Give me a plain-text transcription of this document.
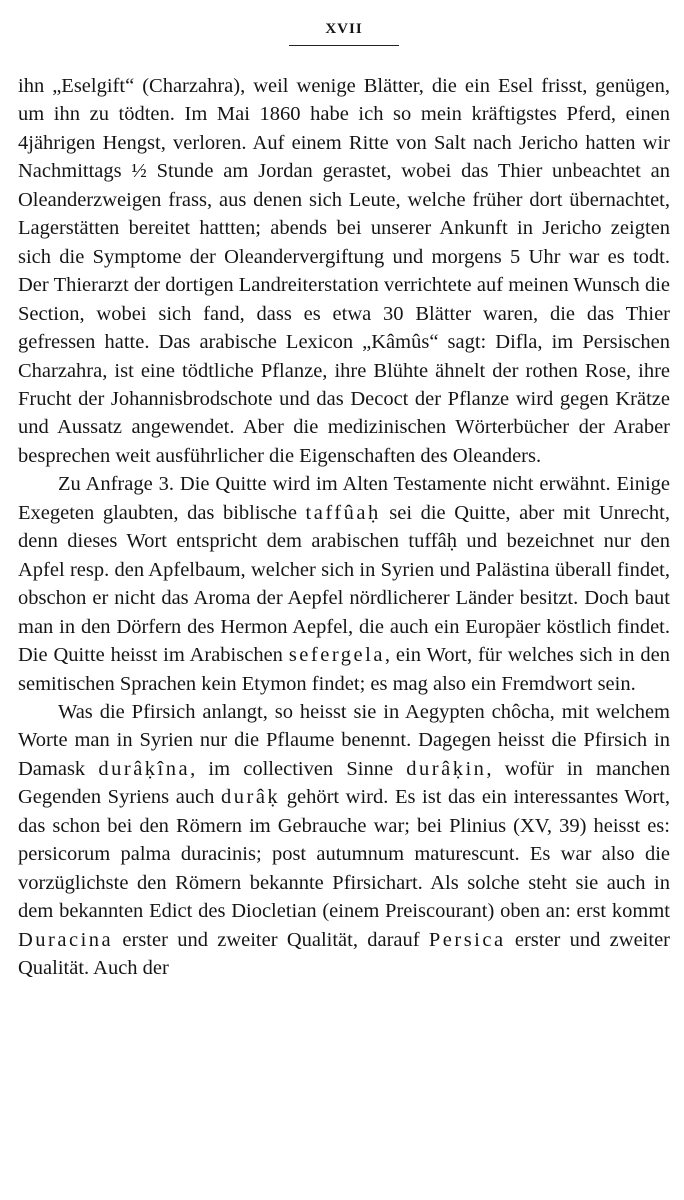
XVII

ihn „Eselgift“ (Charzahra), weil wenige Blätter, die ein Esel frisst, genügen, um ihn zu tödten. Im Mai 1860 habe ich so mein kräftigstes Pferd, einen 4jährigen Hengst, verloren. Auf einem Ritte von Salt nach Jericho hatten wir Nachmittags ½ Stunde am Jordan gerastet, wobei das Thier unbeachtet an Oleanderzweigen frass, aus denen sich Leute, welche früher dort übernachtet, Lagerstätten bereitet hattten; abends bei unserer Ankunft in Jericho zeigten sich die Symptome der Oleandervergiftung und morgens 5 Uhr war es todt. Der Thierarzt der dortigen Landreiterstation verrichtete auf meinen Wunsch die Section, wobei sich fand, dass es etwa 30 Blätter waren, die das Thier gefressen hatte. Das arabische Lexicon „Kâmûs“ sagt: Difla, im Persischen Charzahra, ist eine tödtliche Pflanze, ihre Blühte ähnelt der rothen Rose, ihre Frucht der Johannisbrodschote und das Decoct der Pflanze wird gegen Krätze und Aussatz angewendet. Aber die medizinischen Wörterbücher der Araber besprechen weit ausführlicher die Eigenschaften des Oleanders.

Zu Anfrage 3. Die Quitte wird im Alten Testamente nicht erwähnt. Einige Exegeten glaubten, das biblische taffûaḥ sei die Quitte, aber mit Unrecht, denn dieses Wort entspricht dem arabischen tuffâḥ und bezeichnet nur den Apfel resp. den Apfelbaum, welcher sich in Syrien und Palästina überall findet, obschon er nicht das Aroma der Aepfel nördlicherer Länder besitzt. Doch baut man in den Dörfern des Hermon Aepfel, die auch ein Europäer köstlich findet. Die Quitte heisst im Arabischen sefergela, ein Wort, für welches sich in den semitischen Sprachen kein Etymon findet; es mag also ein Fremdwort sein.

Was die Pfirsich anlangt, so heisst sie in Aegypten chôcha, mit welchem Worte man in Syrien nur die Pflaume benennt. Dagegen heisst die Pfirsich in Damask durâḳîna, im collectiven Sinne durâḳin, wofür in manchen Gegenden Syriens auch durâḳ gehört wird. Es ist das ein interessantes Wort, das schon bei den Römern im Gebrauche war; bei Plinius (XV, 39) heisst es: persicorum palma duracinis; post autumnum maturescunt. Es war also die vorzüglichste den Römern bekannte Pfirsichart. Als solche steht sie auch in dem bekannten Edict des Diocletian (einem Preiscourant) oben an: erst kommt Duracina erster und zweiter Qualität, darauf Persica erster und zweiter Qualität. Auch der
